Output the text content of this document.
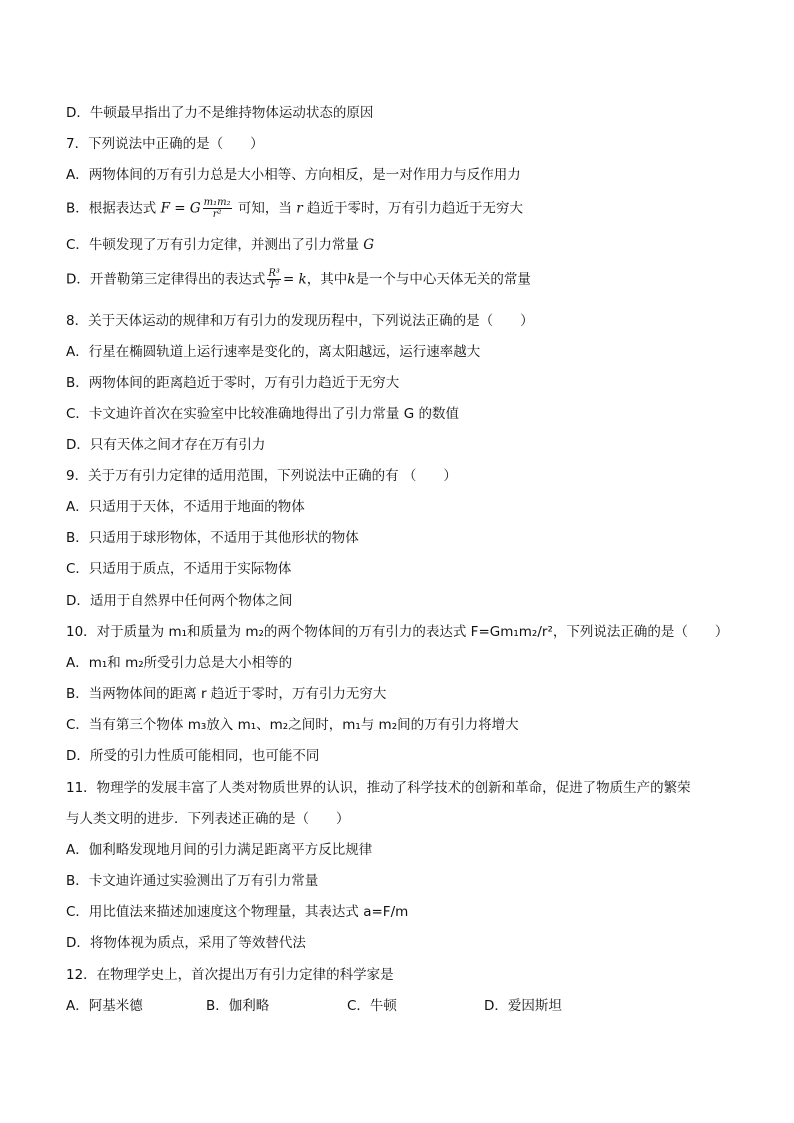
D．牛顿最早指出了力不是维持物体运动状态的原因
7．下列说法中正确的是（　　）
A．两物体间的万有引力总是大小相等、方向相反，是一对作用力与反作用力
B．根据表达式 F = G $\frac{\text{m₁m₂}}{\text{r²}}$ 可知，当 r 趋近于零时，万有引力趋近于无穷大
C．牛顿发现了万有引力定律，并测出了引力常量 G
D．开普勒第三定律得出的表达式 $\frac{\text{R³}}{\text{T²}} = k$，其中k是一个与中心天体无关的常量
8．关于天体运动的规律和万有引力的发现历程中，下列说法正确的是（　　）
A．行星在椭圆轨道上运行速率是变化的，离太阳越远，运行速率越大
B．两物体间的距离趋近于零时，万有引力趋近于无穷大
C．卡文迪许首次在实验室中比较准确地得出了引力常量 G 的数值
D．只有天体之间才存在万有引力
9．关于万有引力定律的适用范围，下列说法中正确的有 （　　）
A．只适用于天体，不适用于地面的物体
B．只适用于球形物体，不适用于其他形状的物体
C．只适用于质点，不适用于实际物体
D．适用于自然界中任何两个物体之间
10．对于质量为 m₁和质量为 m₂的两个物体间的万有引力的表达式 F=Gm₁m₂/r²，下列说法正确的是（　　）
A．m₁和 m₂所受引力总是大小相等的
B．当两物体间的距离 r 趋近于零时，万有引力无穷大
C．当有第三个物体 m₃放入 m₁、m₂之间时，m₁与 m₂间的万有引力将增大
D．所受的引力性质可能相同，也可能不同
11．物理学的发展丰富了人类对物质世界的认识，推动了科学技术的创新和革命，促进了物质生产的繁荣
与人类文明的进步．下列表述正确的是（　　）
A．伽利略发现地月间的引力满足距离平方反比规律
B．卡文迪许通过实验测出了万有引力常量
C．用比值法来描述加速度这个物理量，其表达式 a=F/m
D．将物体视为质点，采用了等效替代法
12．在物理学史上，首次提出万有引力定律的科学家是
A．阿基米德	B．伽利略	C．牛顿	D．爱因斯坦
